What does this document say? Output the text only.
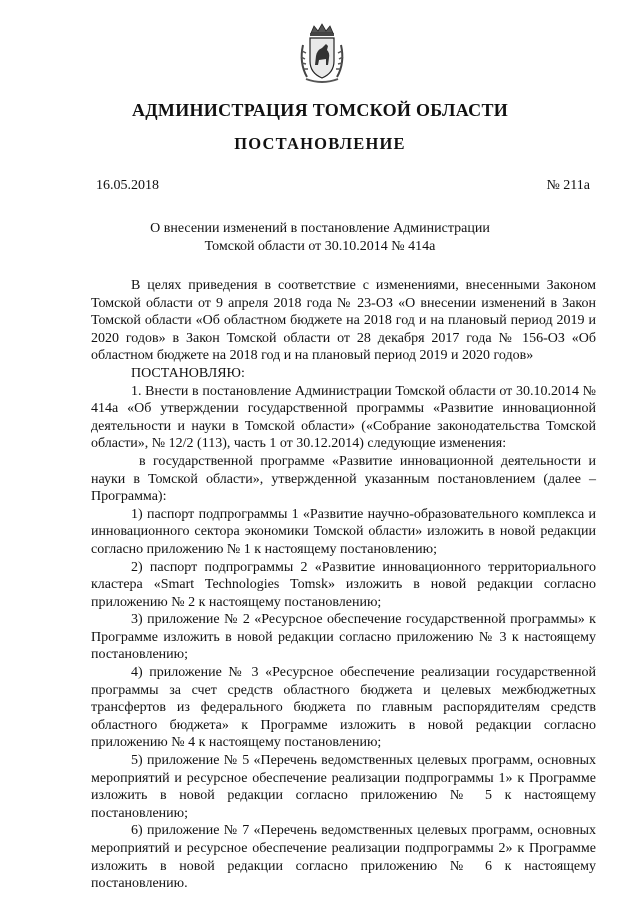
АДМИНИСТРАЦИЯ ТОМСКОЙ ОБЛАСТИ
ПОСТАНОВЛЕНИЕ
16.05.2018	№ 211а
О внесении изменений в постановление Администрации
Томской области от 30.10.2014 № 414а

В целях приведения в соответствие с изменениями, внесенными Законом Томской области от 9 апреля 2018 года № 23-ОЗ «О внесении изменений в Закон Томской области «Об областном бюджете на 2018 год и на плановый период 2019 и 2020 годов» в Закон Томской области от 28 декабря 2017 года № 156-ОЗ «Об областном бюджете на 2018 год и на плановый период 2019 и 2020 годов»

ПОСТАНОВЛЯЮ:

1. Внести в постановление Администрации Томской области от 30.10.2014 № 414а «Об утверждении государственной программы «Развитие инновационной деятельности и науки в Томской области» («Собрание законодательства Томской области», № 12/2 (113), часть 1 от 30.12.2014) следующие изменения:

в государственной программе «Развитие инновационной деятельности и науки в Томской области», утвержденной указанным постановлением (далее – Программа):

1) паспорт подпрограммы 1 «Развитие научно-образовательного комплекса и инновационного сектора экономики Томской области» изложить в новой редакции согласно приложению № 1 к настоящему постановлению;

2) паспорт подпрограммы 2 «Развитие инновационного территориального кластера «Smart Technologies Tomsk» изложить в новой редакции согласно приложению № 2 к настоящему постановлению;

3) приложение № 2 «Ресурсное обеспечение государственной программы» к Программе изложить в новой редакции согласно приложению № 3 к настоящему постановлению;

4) приложение № 3 «Ресурсное обеспечение реализации государственной программы за счет средств областного бюджета и целевых межбюджетных трансфертов из федерального бюджета по главным распорядителям средств областного бюджета» к Программе изложить в новой редакции согласно приложению № 4 к настоящему постановлению;

5) приложение № 5 «Перечень ведомственных целевых программ, основных мероприятий и ресурсное обеспечение реализации подпрограммы 1» к Программе изложить в новой редакции согласно приложению № 5 к настоящему постановлению;

6) приложение № 7 «Перечень ведомственных целевых программ, основных мероприятий и ресурсное обеспечение реализации подпрограммы 2» к Программе изложить в новой редакции согласно приложению № 6 к настоящему постановлению.
